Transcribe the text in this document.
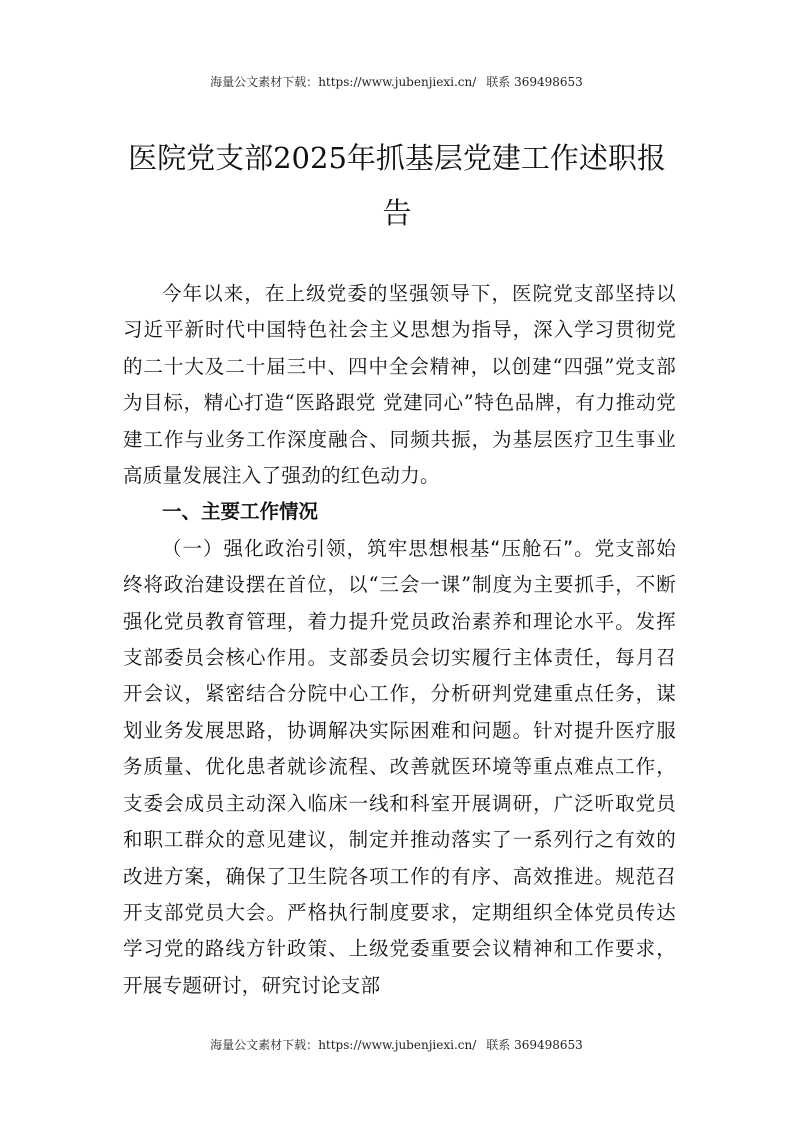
海量公文素材下载：https://www.jubenjiexi.cn/ 联系 369498653
医院党支部2025年抓基层党建工作述职报
告

今年以来，在上级党委的坚强领导下，医院党支部坚持以习近平新时代中国特色社会主义思想为指导，深入学习贯彻党的二十大及二十届三中、四中全会精神，以创建“四强”党支部为目标，精心打造“医路跟党 党建同心”特色品牌，有力推动党建工作与业务工作深度融合、同频共振，为基层医疗卫生事业高质量发展注入了强劲的红色动力。

一、主要工作情况

（一）强化政治引领，筑牢思想根基“压舱石”。党支部始终将政治建设摆在首位，以“三会一课”制度为主要抓手，不断强化党员教育管理，着力提升党员政治素养和理论水平。发挥支部委员会核心作用。支部委员会切实履行主体责任，每月召开会议，紧密结合分院中心工作，分析研判党建重点任务，谋划业务发展思路，协调解决实际困难和问题。针对提升医疗服务质量、优化患者就诊流程、改善就医环境等重点难点工作，支委会成员主动深入临床一线和科室开展调研，广泛听取党员和职工群众的意见建议，制定并推动落实了一系列行之有效的改进方案，确保了卫生院各项工作的有序、高效推进。规范召开支部党员大会。严格执行制度要求，定期组织全体党员传达学习党的路线方针政策、上级党委重要会议精神和工作要求，开展专题研讨，研究讨论支部

海量公文素材下载：https://www.jubenjiexi.cn/ 联系 369498653
